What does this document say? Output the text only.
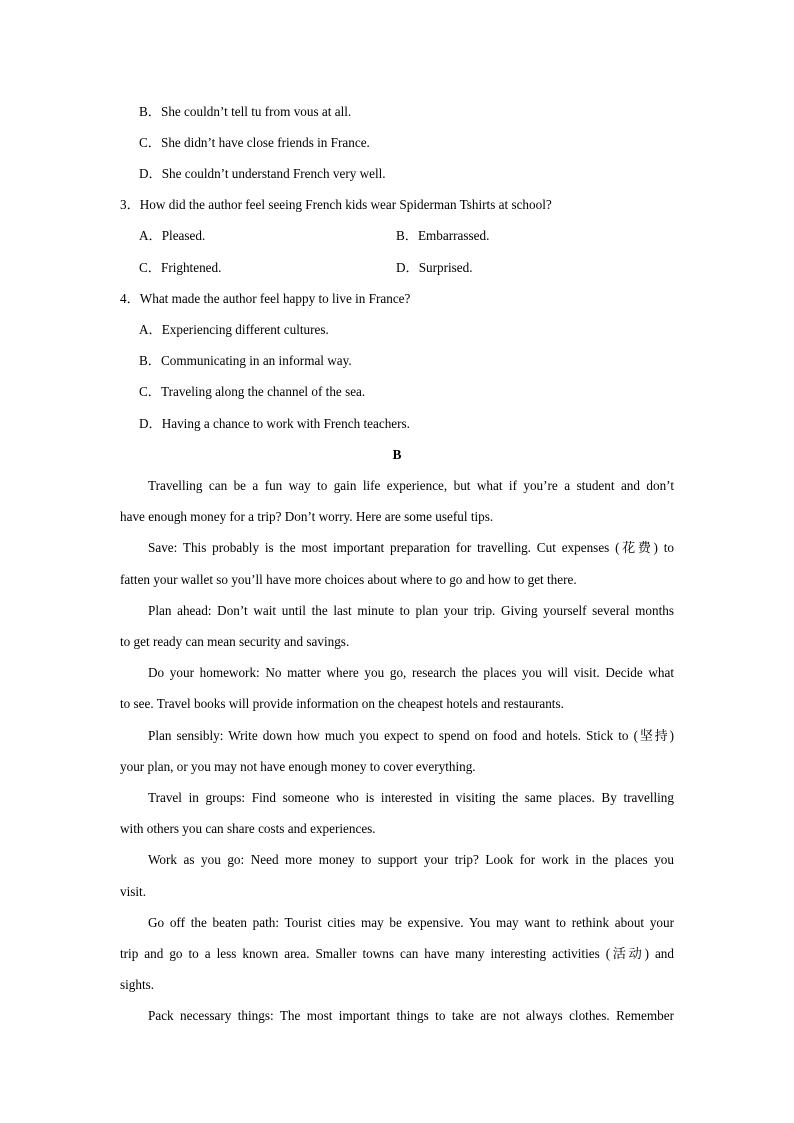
B．She couldn’t tell tu from vous at all.
C．She didn’t have close friends in France.
D．She couldn’t understand French very well.
3．How did the author feel seeing French kids wear Spiderman Tshirts at school?
A．Pleased.	B．Embarrassed.
C．Frightened.	D．Surprised.
4．What made the author feel happy to live in France?
A．Experiencing different cultures.
B．Communicating in an informal way.
C．Traveling along the channel of the sea.
D．Having a chance to work with French teachers.
B
Travelling can be a fun way to gain life experience, but what if you’re a student and don’t
have enough money for a trip? Don’t worry. Here are some useful tips.
Save: This probably is the most important preparation for travelling. Cut expenses (花费) to
fatten your wallet so you’ll have more choices about where to go and how to get there.
Plan ahead: Don’t wait until the last minute to plan your trip. Giving yourself several months
to get ready can mean security and savings.
Do your homework: No matter where you go, research the places you will visit. Decide what
to see. Travel books will provide information on the cheapest hotels and restaurants.
Plan sensibly: Write down how much you expect to spend on food and hotels. Stick to (坚持)
your plan, or you may not have enough money to cover everything.
Travel in groups: Find someone who is interested in visiting the same places. By travelling
with others you can share costs and experiences.
Work as you go: Need more money to support your trip? Look for work in the places you
visit.
Go off the beaten path: Tourist cities may be expensive. You may want to rethink about your
trip and go to a less known area. Smaller towns can have many interesting activities (活动) and
sights.
Pack necessary things: The most important things to take are not always clothes. Remember
